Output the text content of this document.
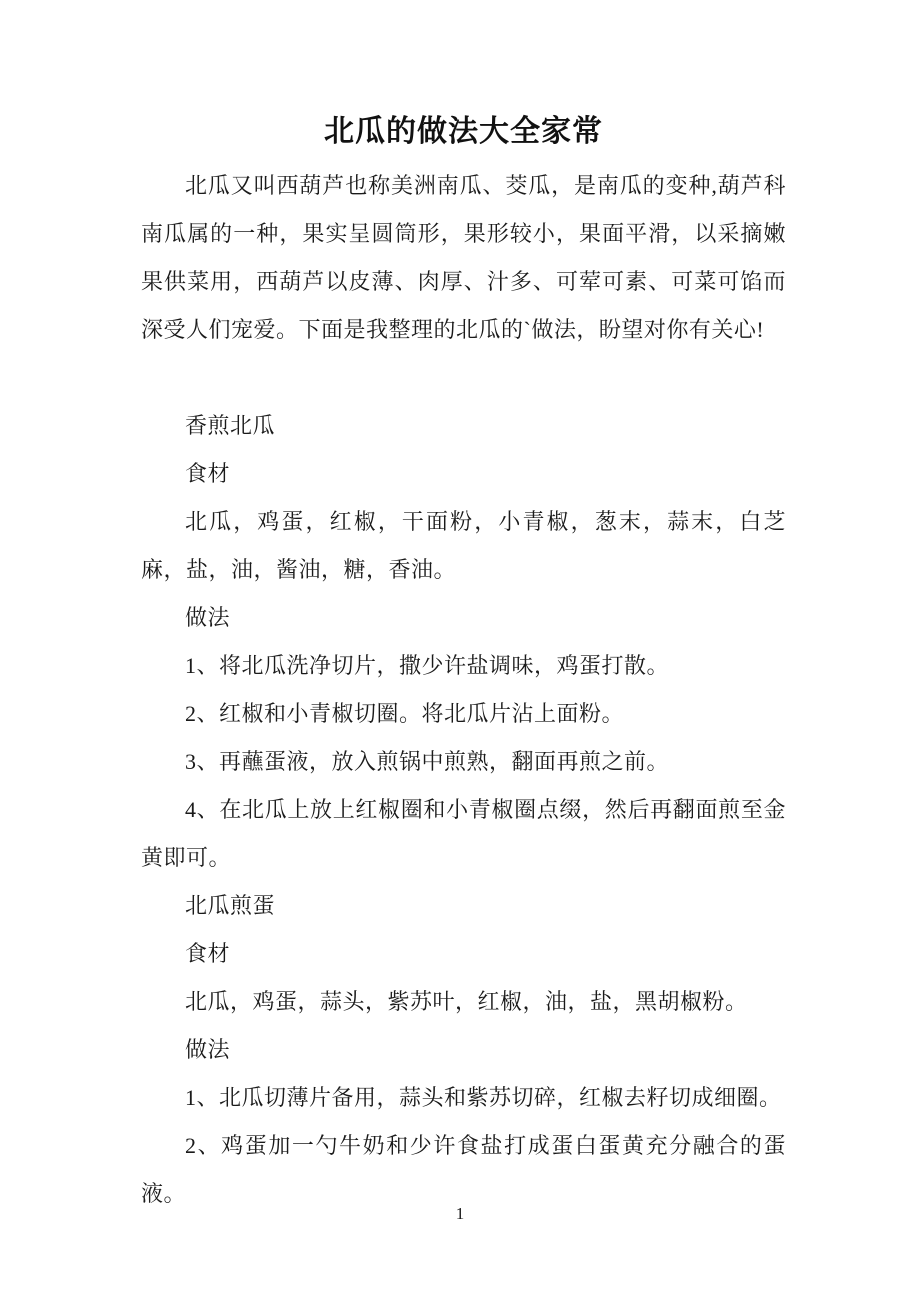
北瓜的做法大全家常

北瓜又叫西葫芦也称美洲南瓜、茭瓜，是南瓜的变种,葫芦科南瓜属的一种，果实呈圆筒形，果形较小，果面平滑，以采摘嫩果供菜用，西葫芦以皮薄、肉厚、汁多、可荤可素、可菜可馅而深受人们宠爱。下面是我整理的北瓜的`做法，盼望对你有关心!

香煎北瓜

食材

北瓜，鸡蛋，红椒，干面粉，小青椒，葱末，蒜末，白芝麻，盐，油，酱油，糖，香油。

做法

1、将北瓜洗净切片，撒少许盐调味，鸡蛋打散。

2、红椒和小青椒切圈。将北瓜片沾上面粉。

3、再蘸蛋液，放入煎锅中煎熟，翻面再煎之前。

4、在北瓜上放上红椒圈和小青椒圈点缀，然后再翻面煎至金黄即可。

北瓜煎蛋

食材

北瓜，鸡蛋，蒜头，紫苏叶，红椒，油，盐，黑胡椒粉。

做法

1、北瓜切薄片备用，蒜头和紫苏切碎，红椒去籽切成细圈。

2、鸡蛋加一勺牛奶和少许食盐打成蛋白蛋黄充分融合的蛋液。

1
